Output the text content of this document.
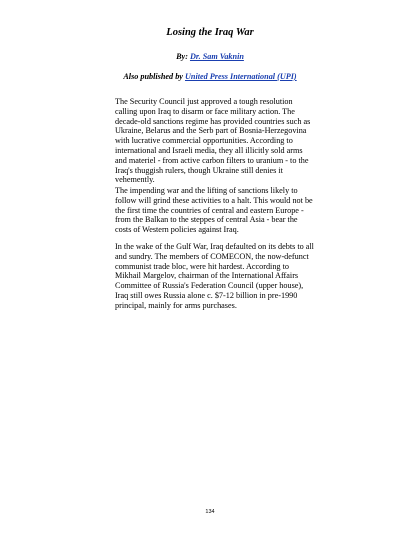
Losing the Iraq War

By: Dr. Sam Vaknin

Also published by United Press International (UPI)

The Security Council just approved a tough resolution calling upon Iraq to disarm or face military action. The decade-old sanctions regime has provided countries such as Ukraine, Belarus and the Serb part of Bosnia-Herzegovina with lucrative commercial opportunities. According to international and Israeli media, they all illicitly sold arms and materiel - from active carbon filters to uranium - to the Iraq's thuggish rulers, though Ukraine still denies it vehemently.

The impending war and the lifting of sanctions likely to follow will grind these activities to a halt. This would not be the first time the countries of central and eastern Europe - from the Balkan to the steppes of central Asia - bear the costs of Western policies against Iraq.

In the wake of the Gulf War, Iraq defaulted on its debts to all and sundry. The members of COMECON, the now-defunct communist trade bloc, were hit hardest. According to Mikhail Margelov, chairman of the International Affairs Committee of Russia's Federation Council (upper house), Iraq still owes Russia alone c. $7-12 billion in pre-1990 principal, mainly for arms purchases.

134
